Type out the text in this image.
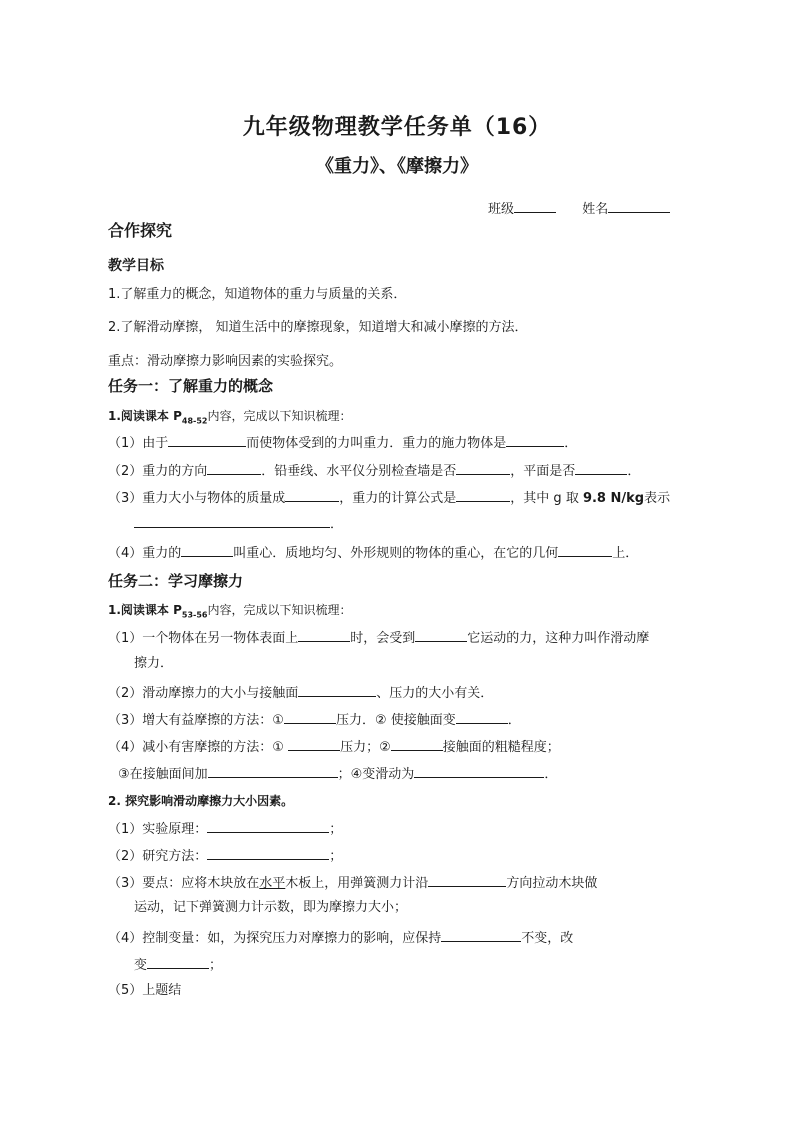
九年级物理教学任务单（16）
《重力》、《摩擦力》
班级	姓名
合作探究
教学目标
1.了解重力的概念，知道物体的重力与质量的关系．
2.了解滑动摩擦， 知道生活中的摩擦现象，知道增大和减小摩擦的方法．
重点：滑动摩擦力影响因素的实验探究。
任务一：了解重力的概念
1.阅读课本 $P_{48-52}$内容，完成以下知识梳理：
（1）由于	而使物体受到的力叫重力．重力的施力物体是	．
（2）重力的方向	．铅垂线、水平仪分别检查墙是否	，平面是否	．
（3）重力大小与物体的质量成	，重力的计算公式是	，其中 g 取 9.8 N/kg表示
．
（4）重力的	叫重心．质地均匀、外形规则的物体的重心，在它的几何	上．
任务二：学习摩擦力
1.阅读课本 $P_{53-56}$内容，完成以下知识梳理：
（1）一个物体在另一物体表面上	时，会受到	它运动的力，这种力叫作滑动摩
擦力．
（2）滑动摩擦力的大小与接触面	、压力的大小有关．
（3）增大有益摩擦的方法：①	压力．② 使接触面变	．
（4）减小有害摩擦的方法：①	压力；②	接触面的粗糙程度；
③在接触面间加	；④变滑动为	．
2. 探究影响滑动摩擦力大小因素。
（1）实验原理：	；
（2）研究方法：	；
（3）要点：应将木块放在水平木板上，用弹簧测力计沿	方向拉动木块做
运动，记下弹簧测力计示数，即为摩擦力大小；
（4）控制变量：如，为探究压力对摩擦力的影响，应保持	不变，改
变	；
（5）上题结
